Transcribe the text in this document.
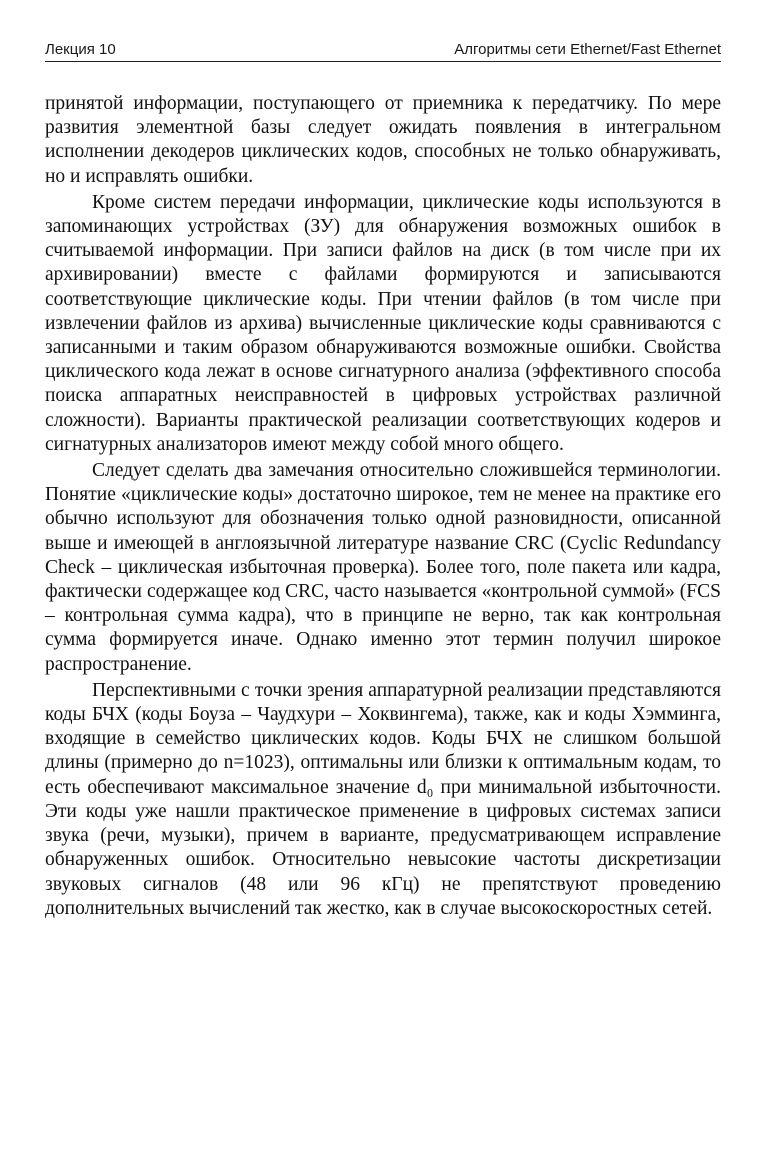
Лекция 10	Алгоритмы сети Ethernet/Fast Ethernet

принятой информации, поступающего от приемника к передатчику. По мере развития элементной базы следует ожидать появления в интегральном исполнении декодеров циклических кодов, способных не только обнаруживать, но и исправлять ошибки.

Кроме систем передачи информации, циклические коды используются в запоминающих устройствах (ЗУ) для обнаружения возможных ошибок в считываемой информации. При записи файлов на диск (в том числе при их архивировании) вместе с файлами формируются и записываются соответствующие циклические коды. При чтении файлов (в том числе при извлечении файлов из архива) вычисленные циклические коды сравниваются с записанными и таким образом обнаруживаются возможные ошибки. Свойства циклического кода лежат в основе сигнатурного анализа (эффективного способа поиска аппаратных неисправностей в цифровых устройствах различной сложности). Варианты практической реализации соответствующих кодеров и сигнатурных анализаторов имеют между собой много общего.

Следует сделать два замечания относительно сложившейся терминологии. Понятие «циклические коды» достаточно широкое, тем не менее на практике его обычно используют для обозначения только одной разновидности, описанной выше и имеющей в англоязычной литературе название CRC (Cyclic Redundancy Check – циклическая избыточная проверка). Более того, поле пакета или кадра, фактически содержащее код CRC, часто называется «контрольной суммой» (FCS – контрольная сумма кадра), что в принципе не верно, так как контрольная сумма формируется иначе. Однако именно этот термин получил широкое распространение.

Перспективными с точки зрения аппаратурной реализации представляются коды БЧХ (коды Боуза – Чаудхури – Хоквингема), также, как и коды Хэмминга, входящие в семейство циклических кодов. Коды БЧХ не слишком большой длины (примерно до n=1023), оптимальны или близки к оптимальным кодам, то есть обеспечивают максимальное значение d₀ при минимальной избыточности. Эти коды уже нашли практическое применение в цифровых системах записи звука (речи, музыки), причем в варианте, предусматривающем исправление обнаруженных ошибок. Относительно невысокие частоты дискретизации звуковых сигналов (48 или 96 кГц) не препятствуют проведению дополнительных вычислений так жестко, как в случае высокоскоростных сетей.
